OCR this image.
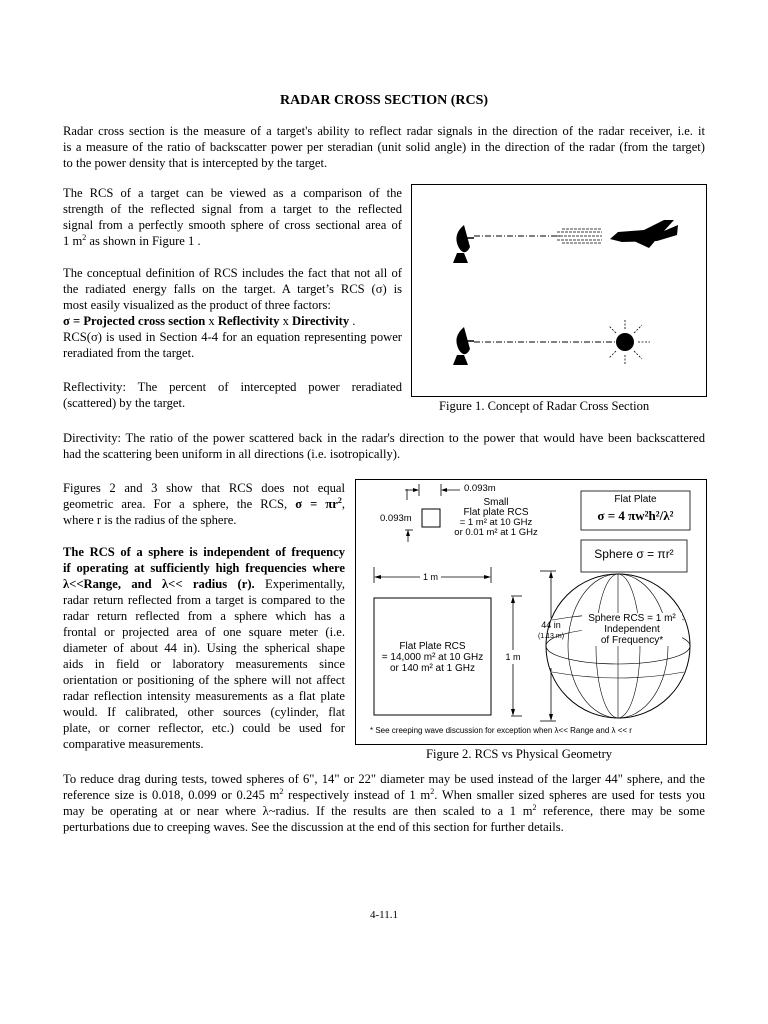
RADAR CROSS SECTION (RCS)
Radar cross section is the measure of a target's ability to reflect radar signals in the direction of the radar receiver, i.e. it
is a measure of the ratio of backscatter power per steradian (unit solid angle) in the direction of the radar (from the target)
to the power density that is intercepted by the target.
The RCS of a target can be viewed as a comparison of the
strength of the reflected signal from a target to the reflected
signal from a perfectly smooth sphere of cross sectional area of
1 $m^2$ as shown in Figure 1 .
The conceptual definition of RCS includes the fact that not all of
the radiated energy falls on the target. A target’s RCS (σ) is
most easily visualized as the product of three factors:
σ = Projected cross section x Reflectivity x Directivity .
RCS(σ) is used in Section 4-4 for an equation representing power
reradiated from the target.
Reflectivity: The percent of intercepted power reradiated
(scattered) by the target.	Figure 1. Concept of Radar Cross Section
Directivity: The ratio of the power scattered back in the radar's direction to the power that would have been backscattered
had the scattering been uniform in all directions (i.e. isotropically).
Figures 2 and 3 show that RCS does not equal
geometric area. For a sphere, the RCS, $\sigma = \pi r^2$,
where r is the radius of the sphere.
The RCS of a sphere is independent of frequency
if operating at sufficiently high frequencies where
λ<<Range, and λ<< radius (r). Experimentally,
radar return reflected from a target is compared to the
radar return reflected from a sphere which has a
frontal or projected area of one square meter (i.e.
diameter of about 44 in). Using the spherical shape
aids in field or laboratory measurements since
orientation or positioning of the sphere will not affect
radar reflection intensity measurements as a flat plate
would. If calibrated, other sources (cylinder, flat
plate, or corner reflector, etc.) could be used for
comparative measurements.
0.093m
0.093m
Small
Flat plate RCS
= 1 m² at 10 GHz
or 0.01 m² at 1 GHz
Flat Plate
σ = 4 πw²h²/λ²
Sphere σ = πr²
1 m
1 m
Flat Plate RCS
= 14,000 m² at 10 GHz
or 140 m² at 1 GHz
44 in
(1.13 m)
Sphere RCS = 1 m²
Independent
of Frequency*
* See creeping wave discussion for exception when λ<< Range and λ << r
Figure 2. RCS vs Physical Geometry
To reduce drag during tests, towed spheres of 6", 14" or 22" diameter may be used instead of the larger 44" sphere, and the
reference size is 0.018, 0.099 or 0.245 $m^2$ respectively instead of 1 $m^2$. When smaller sized spheres are used for tests you
may be operating at or near where λ~radius. If the results are then scaled to a 1 $m^2$ reference, there may be some
perturbations due to creeping waves. See the discussion at the end of this section for further details.
4-11.1
